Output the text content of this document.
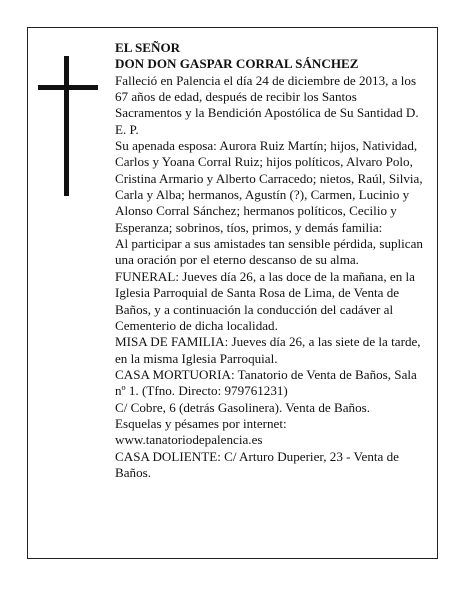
EL SEÑOR

DON DON GASPAR CORRAL SÁNCHEZ

Falleció en Palencia el día 24 de diciembre de 2013, a los 67 años de edad, después de recibir los Santos Sacramentos y la Bendición Apostólica de Su Santidad D. E. P.

Su apenada esposa: Aurora Ruiz Martín; hijos, Natividad, Carlos y Yoana Corral Ruiz; hijos políticos, Alvaro Polo, Cristina Armario y Alberto Carracedo; nietos, Raúl, Silvia, Carla y Alba; hermanos, Agustín (?), Carmen, Lucinio y Alonso Corral Sánchez; hermanos políticos, Cecilio y Esperanza; sobrinos, tíos, primos, y demás familia:

Al participar a sus amistades tan sensible pérdida, suplican una oración por el eterno descanso de su alma.

FUNERAL: Jueves día 26, a las doce de la mañana, en la Iglesia Parroquial de Santa Rosa de Lima, de Venta de Baños, y a continuación la conducción del cadáver al Cementerio de dicha localidad.

MISA DE FAMILIA: Jueves día 26, a las siete de la tarde, en la misma Iglesia Parroquial.

CASA MORTUORIA: Tanatorio de Venta de Baños, Sala nº 1. (Tfno. Directo: 979761231)

C/ Cobre, 6 (detrás Gasolinera). Venta de Baños.

Esquelas y pésames por internet:

www.tanatoriodepalencia.es

CASA DOLIENTE: C/ Arturo Duperier, 23 - Venta de Baños.
